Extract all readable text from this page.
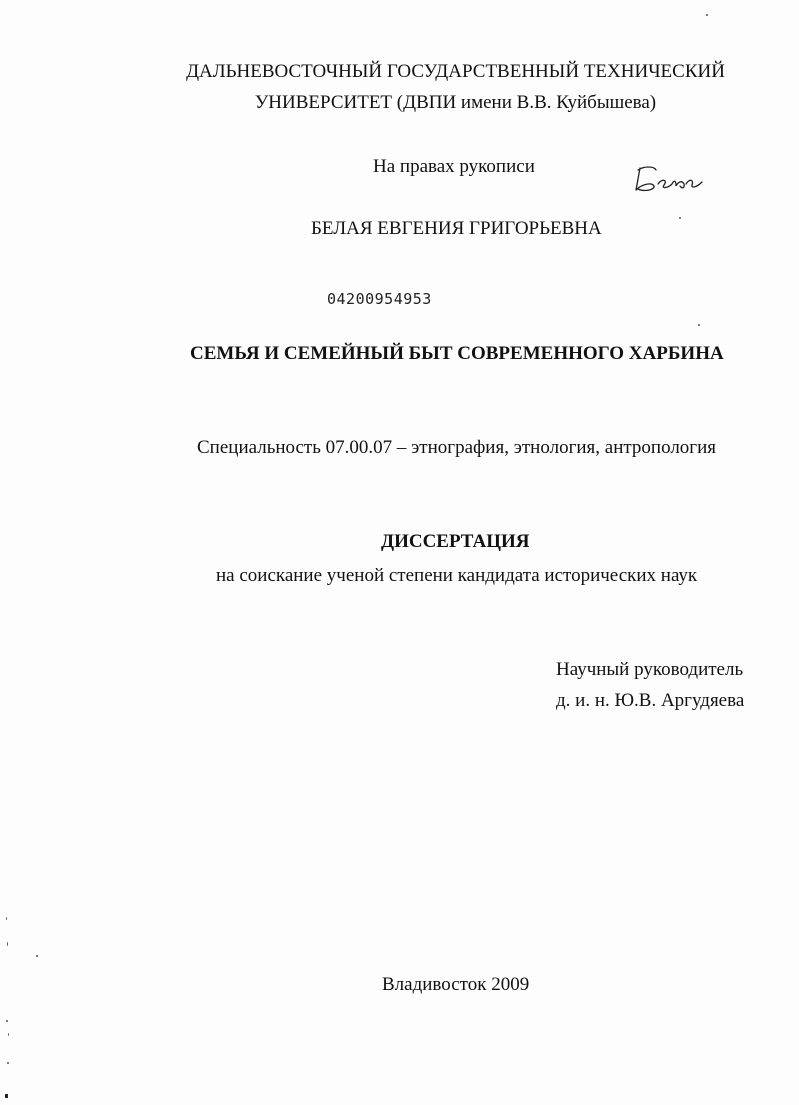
ДАЛЬНЕВОСТОЧНЫЙ ГОСУДАРСТВЕННЫЙ ТЕХНИЧЕСКИЙ
УНИВЕРСИТЕТ (ДВПИ имени В.В. Куйбышева)
На правах рукописи
БЕЛАЯ ЕВГЕНИЯ ГРИГОРЬЕВНА
04200954953
СЕМЬЯ И СЕМЕЙНЫЙ БЫТ СОВРЕМЕННОГО ХАРБИНА
Специальность 07.00.07 – этнография, этнология, антропология
ДИССЕРТАЦИЯ
на соискание ученой степени кандидата исторических наук
Научный руководитель
д. и. н. Ю.В. Аргудяева
Владивосток 2009
